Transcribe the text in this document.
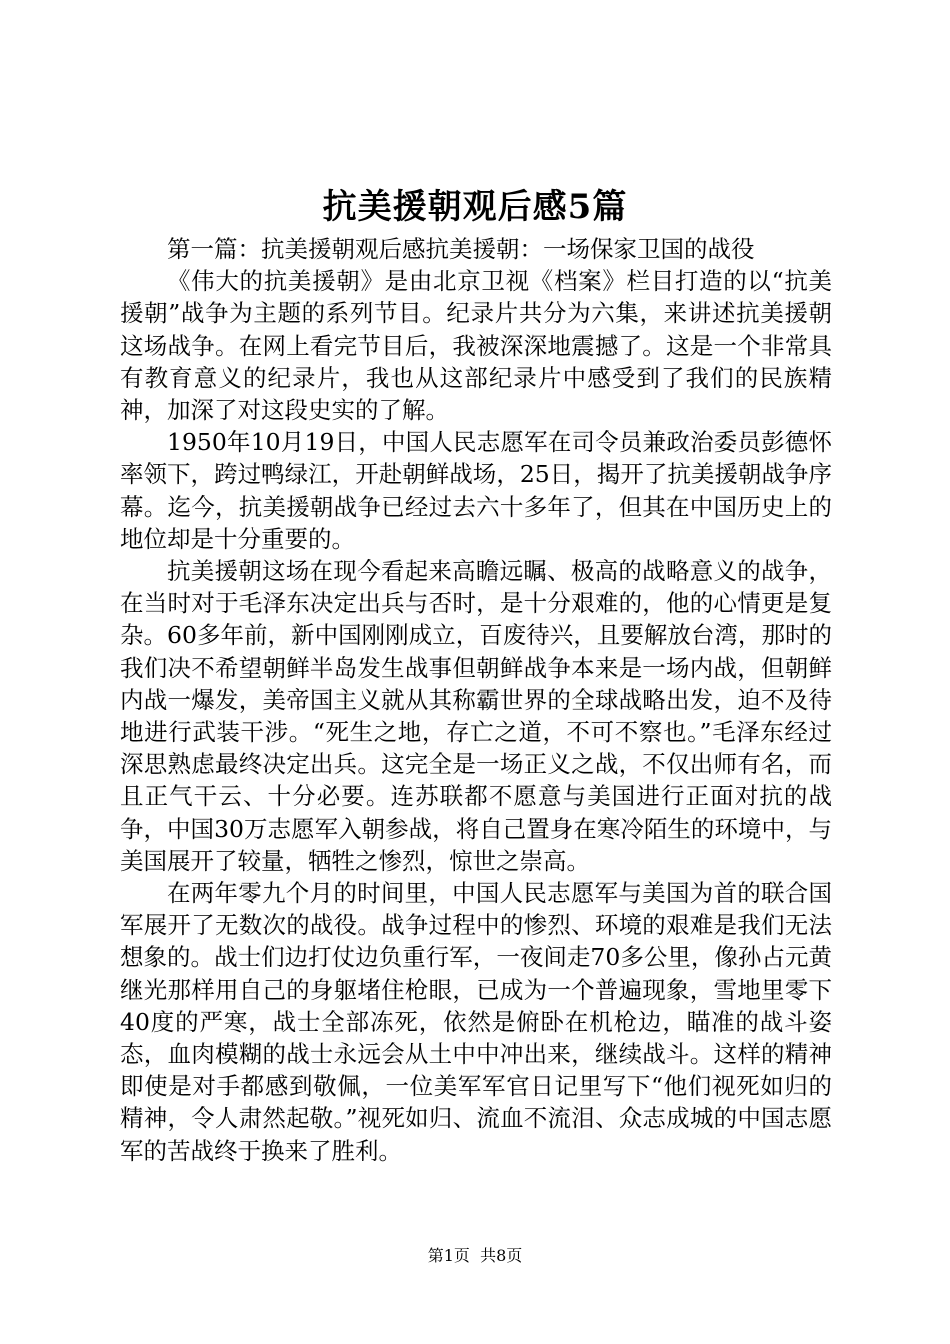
抗美援朝观后感5篇

第一篇：抗美援朝观后感抗美援朝：一场保家卫国的战役

《伟大的抗美援朝》是由北京卫视《档案》栏目打造的以“抗美援朝”战争为主题的系列节目。纪录片共分为六集，来讲述抗美援朝这场战争。在网上看完节目后，我被深深地震撼了。这是一个非常具有教育意义的纪录片，我也从这部纪录片中感受到了我们的民族精神，加深了对这段史实的了解。

1950年10月19日，中国人民志愿军在司令员兼政治委员彭德怀率领下，跨过鸭绿江，开赴朝鲜战场，25日，揭开了抗美援朝战争序幕。迄今，抗美援朝战争已经过去六十多年了，但其在中国历史上的地位却是十分重要的。

抗美援朝这场在现今看起来高瞻远瞩、极高的战略意义的战争，在当时对于毛泽东决定出兵与否时，是十分艰难的，他的心情更是复杂。60多年前，新中国刚刚成立，百废待兴，且要解放台湾，那时的我们决不希望朝鲜半岛发生战事但朝鲜战争本来是一场内战，但朝鲜内战一爆发，美帝国主义就从其称霸世界的全球战略出发，迫不及待地进行武装干涉。“死生之地，存亡之道，不可不察也。”毛泽东经过深思熟虑最终决定出兵。这完全是一场正义之战，不仅出师有名，而且正气干云、十分必要。连苏联都不愿意与美国进行正面对抗的战争，中国30万志愿军入朝参战，将自己置身在寒冷陌生的环境中，与美国展开了较量，牺牲之惨烈，惊世之崇高。

在两年零九个月的时间里，中国人民志愿军与美国为首的联合国军展开了无数次的战役。战争过程中的惨烈、环境的艰难是我们无法想象的。战士们边打仗边负重行军，一夜间走70多公里，像孙占元黄继光那样用自己的身躯堵住枪眼，已成为一个普遍现象，雪地里零下40度的严寒，战士全部冻死，依然是俯卧在机枪边，瞄准的战斗姿态，血肉模糊的战士永远会从土中中冲出来，继续战斗。这样的精神即使是对手都感到敬佩，一位美军军官日记里写下“他们视死如归的精神，令人肃然起敬。”视死如归、流血不流泪、众志成城的中国志愿军的苦战终于换来了胜利。

第1页  共8页
